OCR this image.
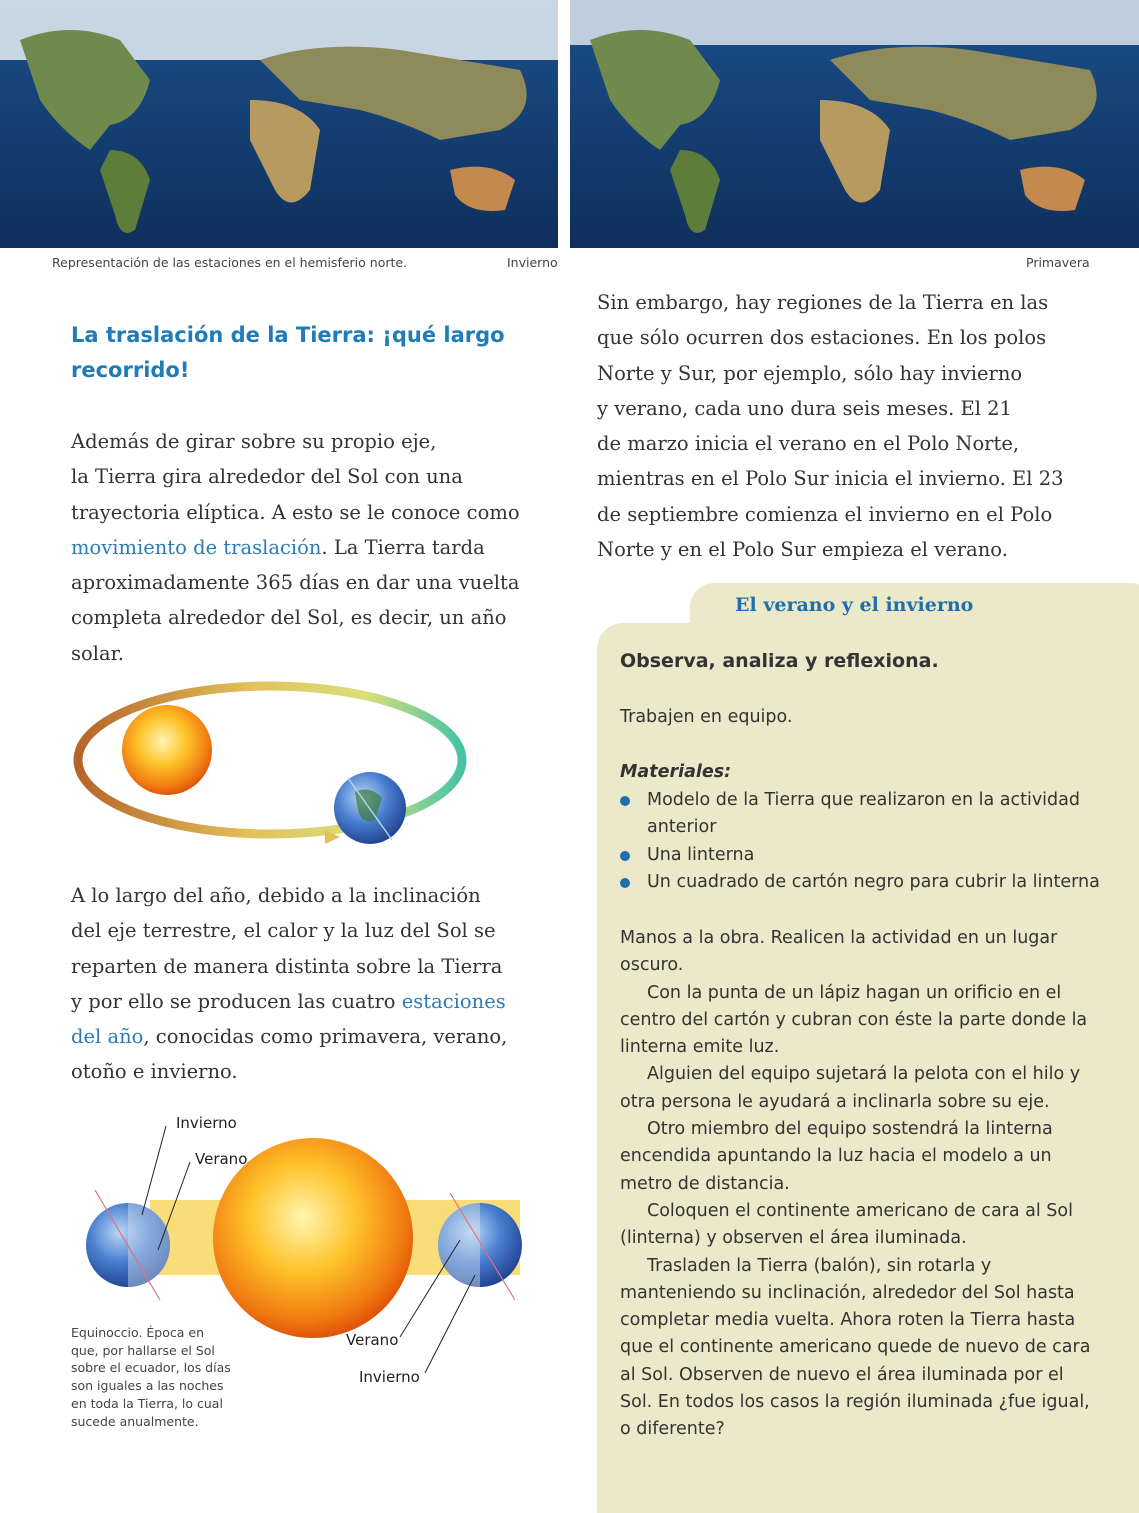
Representación de las estaciones en el hemisferio norte.	Invierno	Primavera
La traslación de la Tierra: ¡qué largo
recorrido!

Además de girar sobre su propio eje,

la Tierra gira alrededor del Sol con una

trayectoria elíptica. A esto se le conoce como

movimiento de traslación. La Tierra tarda

aproximadamente 365 días en dar una vuelta

completa alrededor del Sol, es decir, un año

solar.

A lo largo del año, debido a la inclinación

del eje terrestre, el calor y la luz del Sol se

reparten de manera distinta sobre la Tierra

y por ello se producen las cuatro estaciones

del año, conocidas como primavera, verano,

otoño e invierno.

Invierno
Verano
Verano
Invierno
Equinoccio. Época en
que, por hallarse el Sol
sobre el ecuador, los días
son iguales a las noches
en toda la Tierra, lo cual
sucede anualmente.

Sin embargo, hay regiones de la Tierra en las

que sólo ocurren dos estaciones. En los polos

Norte y Sur, por ejemplo, sólo hay invierno

y verano, cada uno dura seis meses. El 21

de marzo inicia el verano en el Polo Norte,

mientras en el Polo Sur inicia el invierno. El 23

de septiembre comienza el invierno en el Polo

Norte y en el Polo Sur empieza el verano.

El verano y el invierno
Observa, analiza y reflexiona.
Trabajen en equipo.
Materiales:
Modelo de la Tierra que realizaron en la actividad anterior
Una linterna
Un cuadrado de cartón negro para cubrir la linterna

Manos a la obra. Realicen la actividad en un lugar oscuro.

Con la punta de un lápiz hagan un orificio en el centro del cartón y cubran con éste la parte donde la linterna emite luz.

Alguien del equipo sujetará la pelota con el hilo y otra persona le ayudará a inclinarla sobre su eje.

Otro miembro del equipo sostendrá la linterna encendida apuntando la luz hacia el modelo a un metro de distancia.

Coloquen el continente americano de cara al Sol (linterna) y observen el área iluminada.

Trasladen la Tierra (balón), sin rotarla y manteniendo su inclinación, alrededor del Sol hasta completar media vuelta. Ahora roten la Tierra hasta que el continente americano quede de nuevo de cara al Sol. Observen de nuevo el área iluminada por el Sol. En todos los casos la región iluminada ¿fue igual, o diferente?
